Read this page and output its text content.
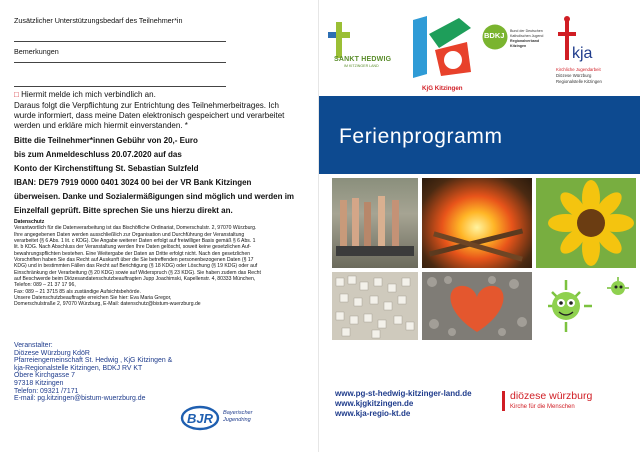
Zusätzlicher Unterstützungsbedarf des Teilnehmer*in
Bemerkungen
□ Hiermit melde ich mich verbindlich an.
Daraus folgt die Verpflichtung zur Entrichtung des Teilnehmerbeitrages. Ich
wurde informiert, dass meine Daten elektronisch gespeichert und verarbeitet
werden und erkläre mich hiermit einverstanden. *
Bitte die Teilnehmer*innen Gebühr von 20,- Euro
bis zum Anmeldeschluss 20.07.2020 auf das
Konto der Kirchenstiftung St. Sebastian Sulzfeld
IBAN: DE79 7919 0000 0401 3024 00 bei der VR Bank Kitzingen
überweisen. Danke und Sozialermäßigungen sind möglich und werden im
Einzelfall geprüft. Bitte sprechen Sie uns hierzu direkt an.
Datenschutz
Verantwortlich für die Datenverarbeitung ist das Bischöfliche Ordinariat, Domerschulstr. 2, 97070 Würzburg.
Ihre angegebenen Daten werden ausschließlich zur Organisation und Durchführung der Veranstaltung
verarbeitet (§ 6 Abs. 1 lit. c KDG). Die Angabe weiterer Daten erfolgt auf freiwilliger Basis gemäß § 6 Abs. 1
lit. b KDG. Nach Abschluss der Veranstaltung werden Ihre Daten gelöscht, soweit keine gesetzlichen Auf-
bewahrungspflichten bestehen. Eine Weitergabe der Daten an Dritte erfolgt nicht. Nach den gesetzlichen
Vorschriften haben Sie das Recht auf Auskunft über die Sie betreffenden personenbezogenen Daten (§ 17
KDG) und in bestimmten Fällen das Recht auf Berichtigung (§ 18 KDG) oder Löschung (§ 19 KDG) oder auf
Einschränkung der Verarbeitung (§ 20 KDG) sowie auf Widerspruch (§ 23 KDG). Sie haben zudem das Recht
auf Beschwerde beim Diözesandatenschutzbeauftragten Jupp Joachimski, Kapellenstr. 4, 80333 München,
Telefon: 089 – 21 37 17 96,
Fax: 089 – 21 3715 85 als zuständige Aufsichtsbehörde.
Unsere Datenschutzbeauftragte erreichen Sie hier: Eva Maria Gregor,
Domerschulstraße 2, 97070 Würzburg, E-Mail: datenschutz@bistum-wuerzburg.de
Veranstalter:
Diözese Würzburg KdöR
Pfarreiengemeinschaft St. Hedwig , KjG Kitzingen &
kja-Regionalstelle Kitzingen, BDKJ RV KT
Obere Kirchgasse 7
97318 Kitzingen
Telefon: 09321 /7171
E-mail: pg.kitzingen@bistum-wuerzburg.de
BJR Bayerischer
Jugendring
SANKT HEDWIG
IM KITZINGER LAND
KjG Kitzingen
BDKJ Bund der Deutschen
Katholischen Jugend
Regionalverband
Kitzingen	kja
Kirchliche Jugendarbeit
Diözese Würzburg
Regionalstelle Kitzingen
Ferienprogramm
www.pg-st-hedwig-kitzinger-land.de
www.kjgkitzingen.de
www.kja-regio-kt.de
diözese würzburg
Kirche für die Menschen
